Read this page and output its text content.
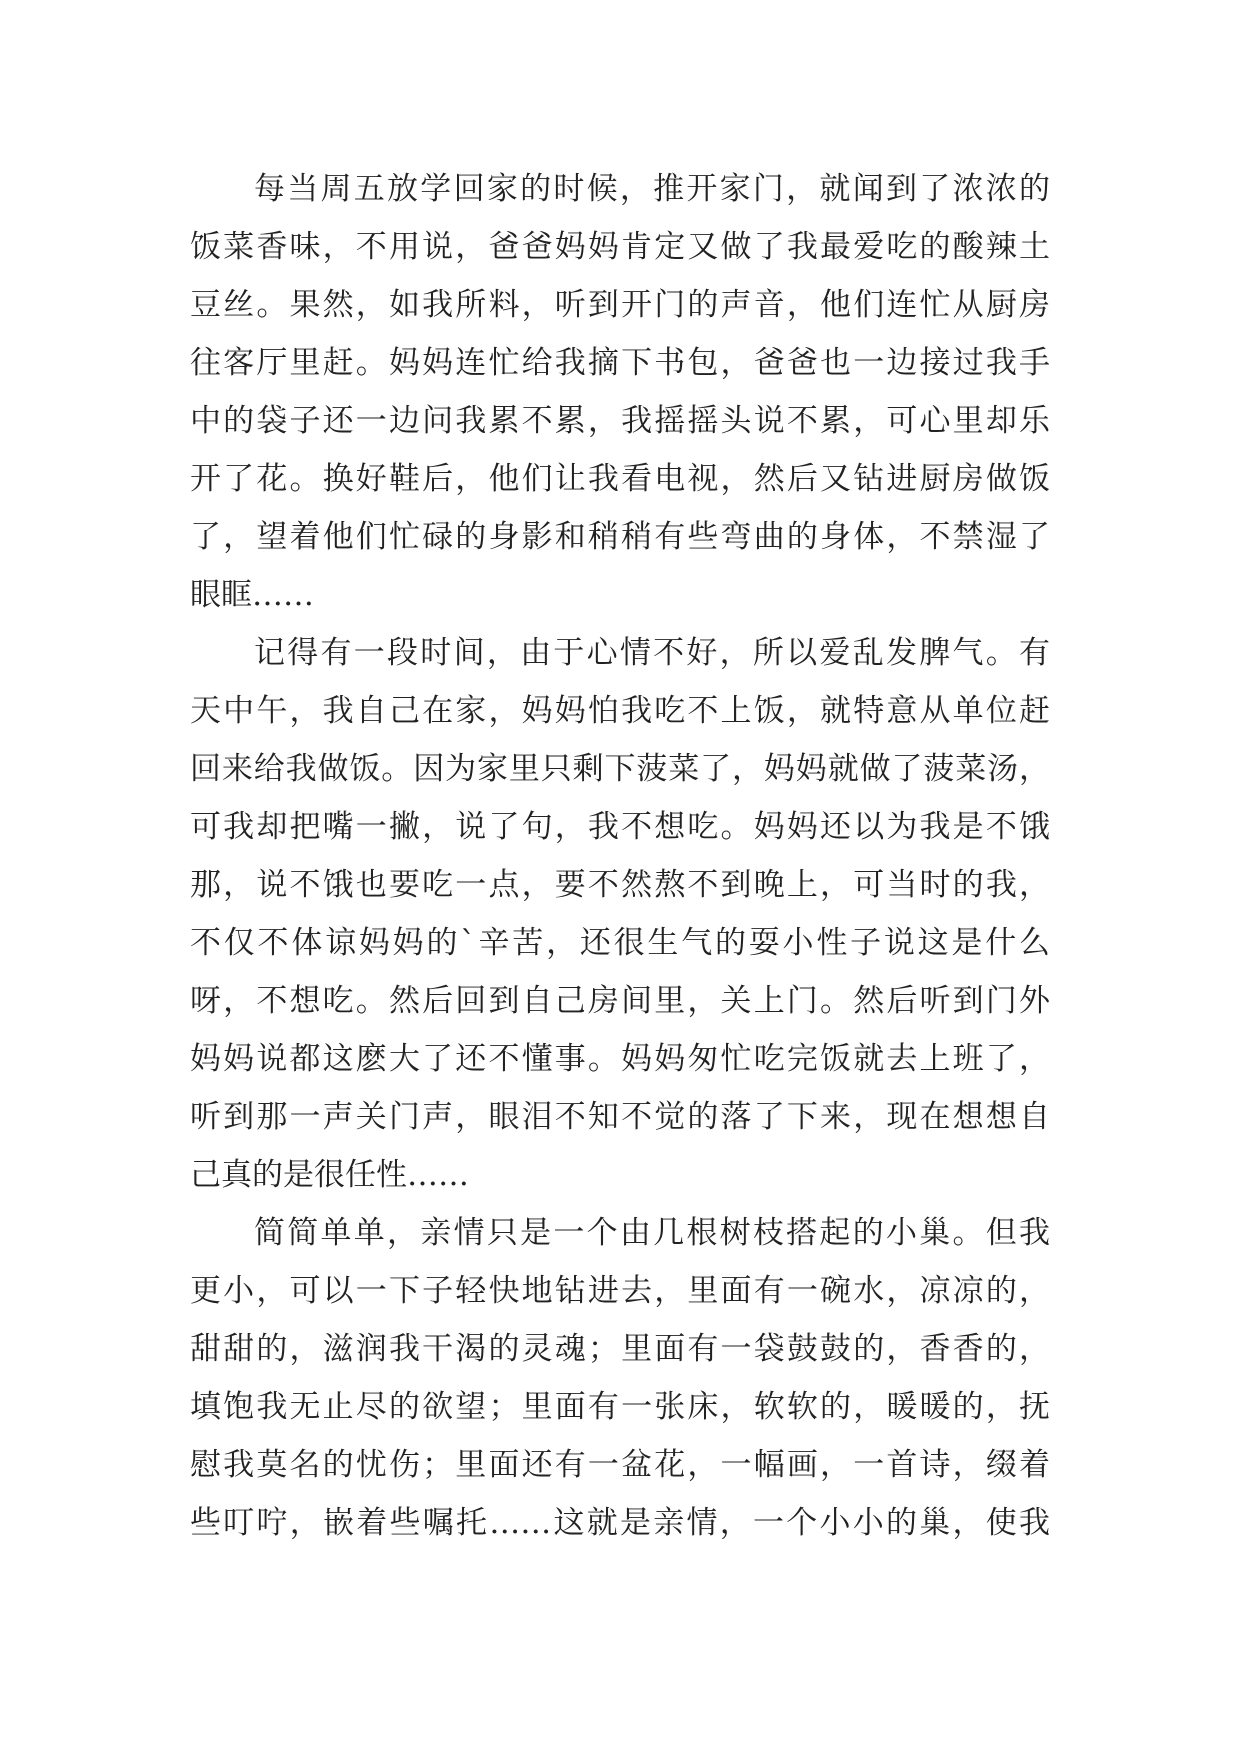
每当周五放学回家的时候，推开家门，就闻到了浓浓的
饭菜香味，不用说，爸爸妈妈肯定又做了我最爱吃的酸辣土
豆丝。果然，如我所料，听到开门的声音，他们连忙从厨房
往客厅里赶。妈妈连忙给我摘下书包，爸爸也一边接过我手
中的袋子还一边问我累不累，我摇摇头说不累，可心里却乐
开了花。换好鞋后，他们让我看电视，然后又钻进厨房做饭
了，望着他们忙碌的身影和稍稍有些弯曲的身体，不禁湿了
眼眶……
记得有一段时间，由于心情不好，所以爱乱发脾气。有
天中午，我自己在家，妈妈怕我吃不上饭，就特意从单位赶
回来给我做饭。因为家里只剩下菠菜了，妈妈就做了菠菜汤，
可我却把嘴一撇，说了句，我不想吃。妈妈还以为我是不饿
那，说不饿也要吃一点，要不然熬不到晚上，可当时的我，
不仅不体谅妈妈的`辛苦，还很生气的耍小性子说这是什么
呀，不想吃。然后回到自己房间里，关上门。然后听到门外
妈妈说都这麽大了还不懂事。妈妈匆忙吃完饭就去上班了，
听到那一声关门声，眼泪不知不觉的落了下来，现在想想自
己真的是很任性……
简简单单，亲情只是一个由几根树枝搭起的小巢。但我
更小，可以一下子轻快地钻进去，里面有一碗水，凉凉的，
甜甜的，滋润我干渴的灵魂；里面有一袋鼓鼓的，香香的，
填饱我无止尽的欲望；里面有一张床，软软的，暖暖的，抚
慰我莫名的忧伤；里面还有一盆花，一幅画，一首诗，缀着
些叮咛，嵌着些嘱托……这就是亲情，一个小小的巢，使我
